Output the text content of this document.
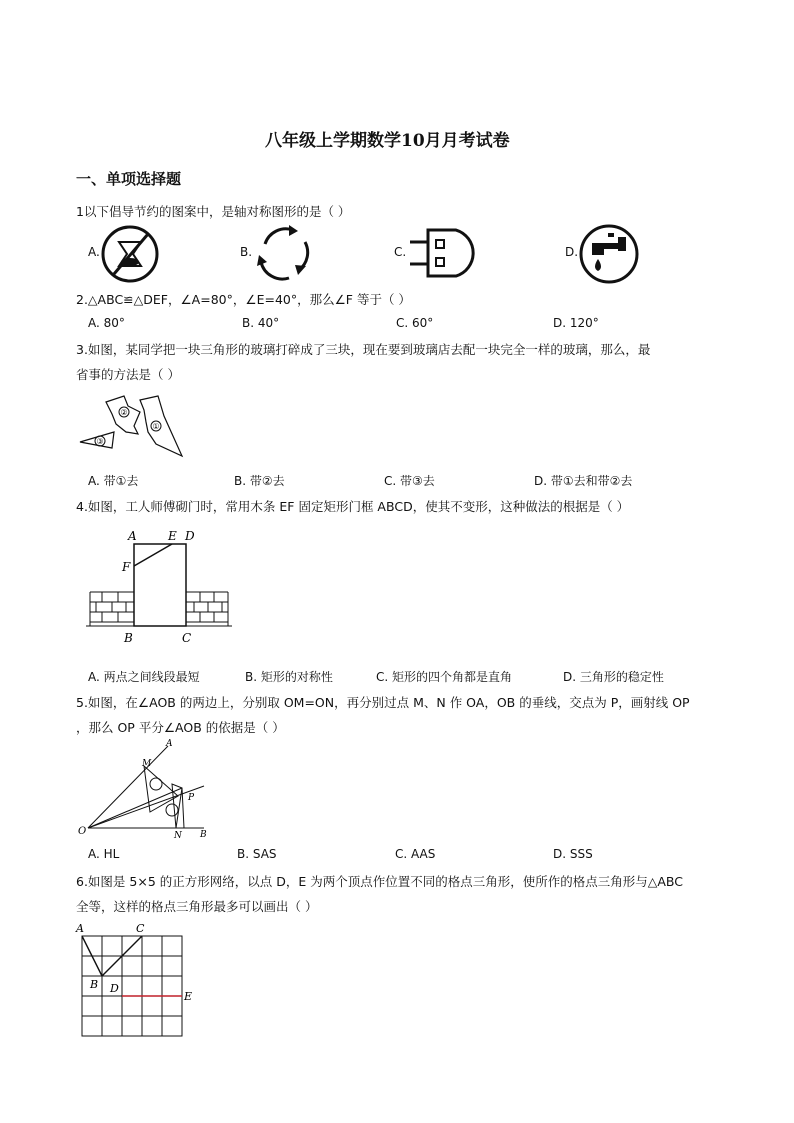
八年级上学期数学10月月考试卷
一、单项选择题
1以下倡导节约的图案中，是轴对称图形的是（ ）
A.	B.	C.	D.
2.△ABC≌△DEF，∠A=80°，∠E=40°，那么∠F 等于（ ）
A. 80°	B. 40°	C. 60°	D. 120°
3.如图，某同学把一块三角形的玻璃打碎成了三块，现在要到玻璃店去配一块完全一样的玻璃，那么，最
省事的方法是（ ）
②
①
③
A. 带①去	B. 带②去	C. 带③去	D. 带①去和带②去
4.如图，工人师傅砌门时，常用木条 EF 固定矩形门框 ABCD，使其不变形，这种做法的根据是（ ）
A	E D
F
B	C
A. 两点之间线段最短	B. 矩形的对称性	C. 矩形的四个角都是直角	D. 三角形的稳定性
5.如图，在∠AOB 的两边上，分别取 OM=ON，再分别过点 M、N 作 OA，OB 的垂线，交点为 P，画射线 OP
，那么 OP 平分∠AOB 的依据是（ ）
A
M
P
O	N B
A. HL	B. SAS	C. AAS	D. SSS
6.如图是 5×5 的正方形网络，以点 D，E 为两个顶点作位置不同的格点三角形，使所作的格点三角形与△ABC
全等，这样的格点三角形最多可以画出（ ）
A	C
B D
E
